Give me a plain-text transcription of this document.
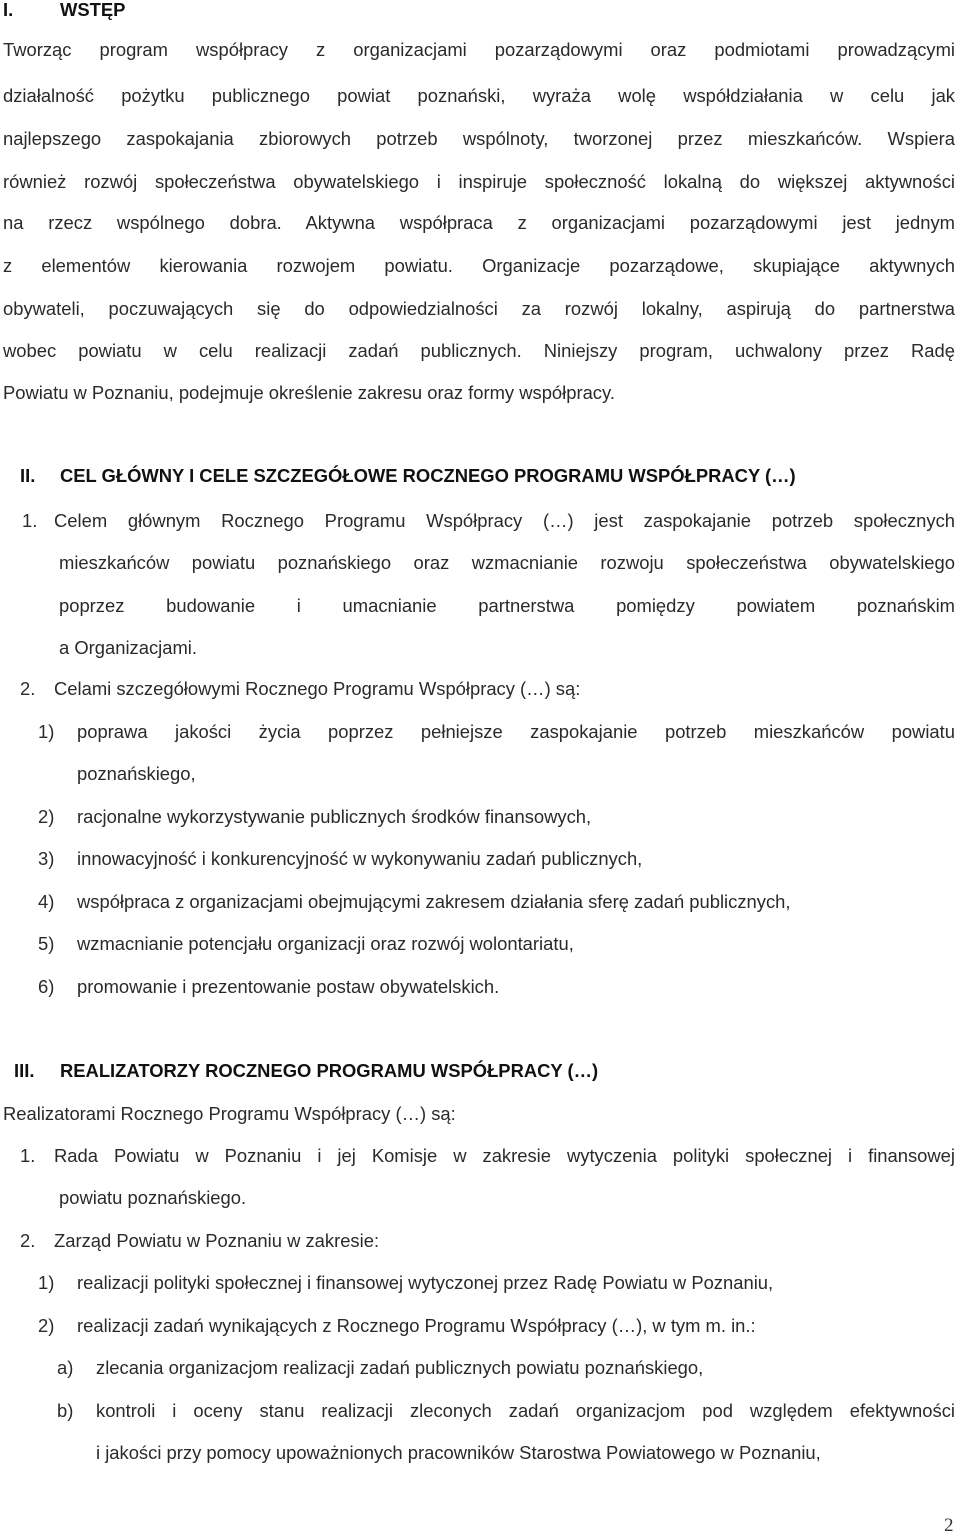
I.	WSTĘP
Tworząc program współpracy z organizacjami pozarządowymi oraz podmiotami prowadzącymi
działalność pożytku publicznego powiat poznański, wyraża wolę współdziałania w celu jak
najlepszego zaspokajania zbiorowych potrzeb wspólnoty, tworzonej przez mieszkańców. Wspiera
również rozwój społeczeństwa obywatelskiego i inspiruje społeczność lokalną do większej aktywności
na rzecz wspólnego dobra. Aktywna współpraca z organizacjami pozarządowymi jest jednym
z elementów kierowania rozwojem powiatu. Organizacje pozarządowe, skupiające aktywnych
obywateli, poczuwających się do odpowiedzialności za rozwój lokalny, aspirują do partnerstwa
wobec powiatu w celu realizacji zadań publicznych. Niniejszy program, uchwalony przez Radę
Powiatu w Poznaniu, podejmuje określenie zakresu oraz formy współpracy.
II. CEL GŁÓWNY I CELE SZCZEGÓŁOWE ROCZNEGO PROGRAMU WSPÓŁPRACY (…)
1. Celem głównym Rocznego Programu Współpracy (…) jest zaspokajanie potrzeb społecznych
mieszkańców powiatu poznańskiego oraz wzmacnianie rozwoju społeczeństwa obywatelskiego
poprzez budowanie i umacnianie partnerstwa pomiędzy powiatem poznańskim
a Organizacjami.
2. Celami szczegółowymi Rocznego Programu Współpracy (…) są:
1) poprawa jakości życia poprzez pełniejsze zaspokajanie potrzeb mieszkańców powiatu
poznańskiego,
2) racjonalne wykorzystywanie publicznych środków finansowych,
3) innowacyjność i konkurencyjność w wykonywaniu zadań publicznych,
4) współpraca z organizacjami obejmującymi zakresem działania sferę zadań publicznych,
5) wzmacnianie potencjału organizacji oraz rozwój wolontariatu,
6) promowanie i prezentowanie postaw obywatelskich.
III. REALIZATORZY ROCZNEGO PROGRAMU WSPÓŁPRACY (…)
Realizatorami Rocznego Programu Współpracy (…) są:
1. Rada Powiatu w Poznaniu i jej Komisje w zakresie wytyczenia polityki społecznej i finansowej
powiatu poznańskiego.
2. Zarząd Powiatu w Poznaniu w zakresie:
1) realizacji polityki społecznej i finansowej wytyczonej przez Radę Powiatu w Poznaniu,
2) realizacji zadań wynikających z Rocznego Programu Współpracy (…), w tym m. in.:
a) zlecania organizacjom realizacji zadań publicznych powiatu poznańskiego,
b) kontroli i oceny stanu realizacji zleconych zadań organizacjom pod względem efektywności
i jakości przy pomocy upoważnionych pracowników Starostwa Powiatowego w Poznaniu,
2
